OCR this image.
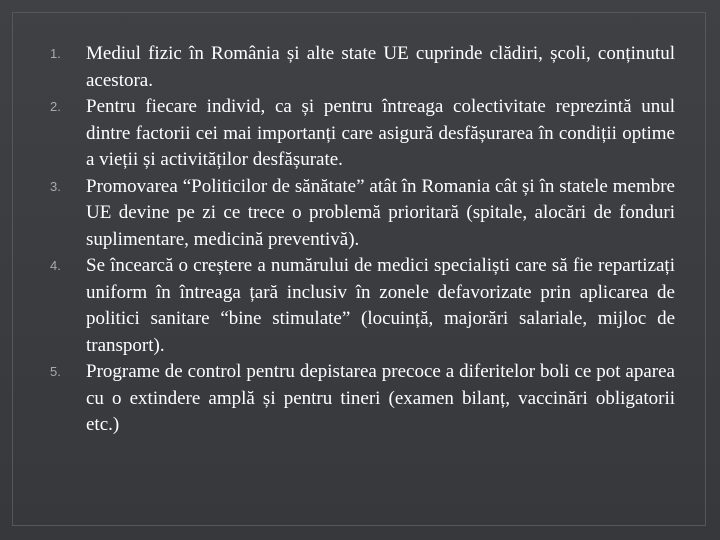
1.	Mediul fizic în România și alte state UE cuprinde clădiri, școli, conținutul acestora.
2.	Pentru fiecare individ, ca și pentru întreaga colectivitate reprezintă unul dintre factorii cei mai importanți care asigură desfășurarea în condiții optime a vieții și activităților desfășurate.
3.	Promovarea “Politicilor de sănătate” atât în Romania cât și în statele membre UE devine pe zi ce trece o problemă prioritară (spitale, alocări de fonduri suplimentare, medicină preventivă).
4.	Se încearcă o creștere a numărului de medici specialiști care să fie repartizați uniform în întreaga țară inclusiv în zonele defavorizate prin aplicarea de politici sanitare “bine stimulate” (locuință, majorări salariale, mijloc de transport).
5.	Programe de control pentru depistarea precoce a diferitelor boli ce pot aparea cu o extindere amplă și pentru tineri (examen bilanț, vaccinări obligatorii etc.)
